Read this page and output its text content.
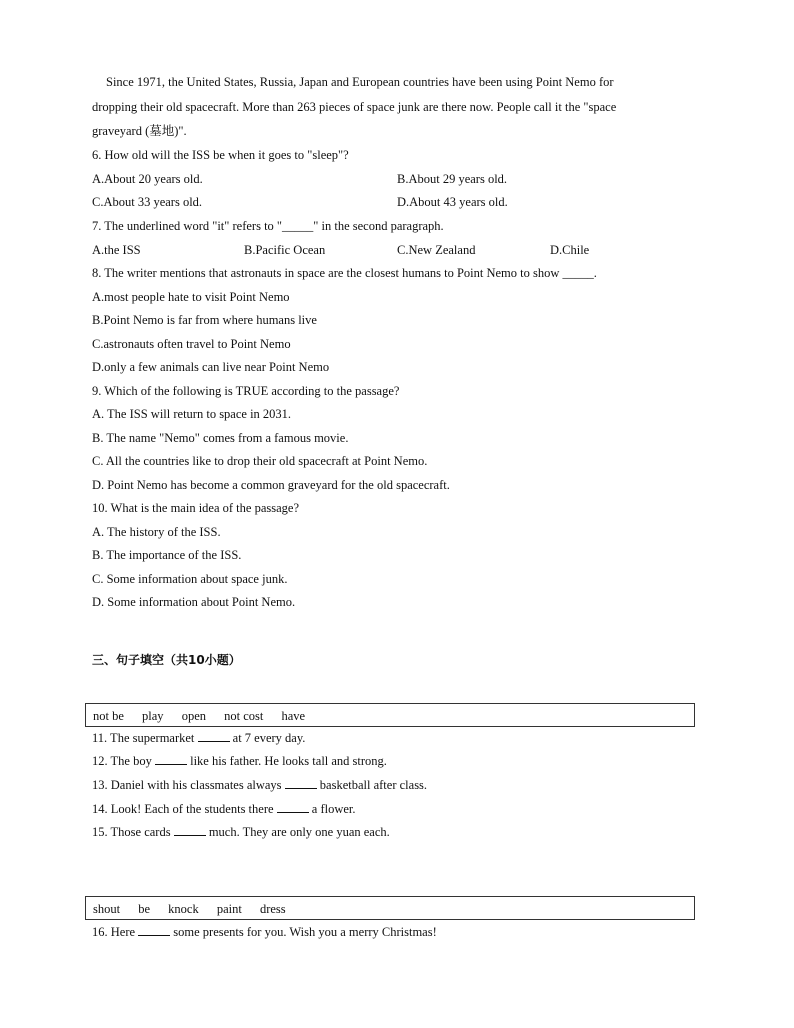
Since 1971, the United States, Russia, Japan and European countries have been using Point Nemo for

dropping their old spacecraft. More than 263 pieces of space junk are there now. People call it the "space

graveyard (墓地)".

6. How old will the ISS be when it goes to "sleep"?
A.About 20 years old.	B.About 29 years old.
C.About 33 years old.	D.About 43 years old.
7. The underlined word "it" refers to "_____" in the second paragraph.
A.the ISS	B.Pacific Ocean	C.New Zealand	D.Chile
8. The writer mentions that astronauts in space are the closest humans to Point Nemo to show _____.
A.most people hate to visit Point Nemo
B.Point Nemo is far from where humans live
C.astronauts often travel to Point Nemo
D.only a few animals can live near Point Nemo
9. Which of the following is TRUE according to the passage?
A. The ISS will return to space in 2031.
B. The name "Nemo" comes from a famous movie.
C. All the countries like to drop their old spacecraft at Point Nemo.
D. Point Nemo has become a common graveyard for the old spacecraft.
10. What is the main idea of the passage?
A. The history of the ISS.
B. The importance of the ISS.
C. Some information about space junk.
D. Some information about Point Nemo.
三、句子填空（共10小题）
not be play open not cost have
11. The supermarket	at 7 every day.
12. The boy	like his father. He looks tall and strong.
13. Daniel with his classmates always	basketball after class.
14. Look! Each of the students there	a flower.
15. Those cards	much. They are only one yuan each.
shout be knock paint dress
16. Here	some presents for you. Wish you a merry Christmas!
